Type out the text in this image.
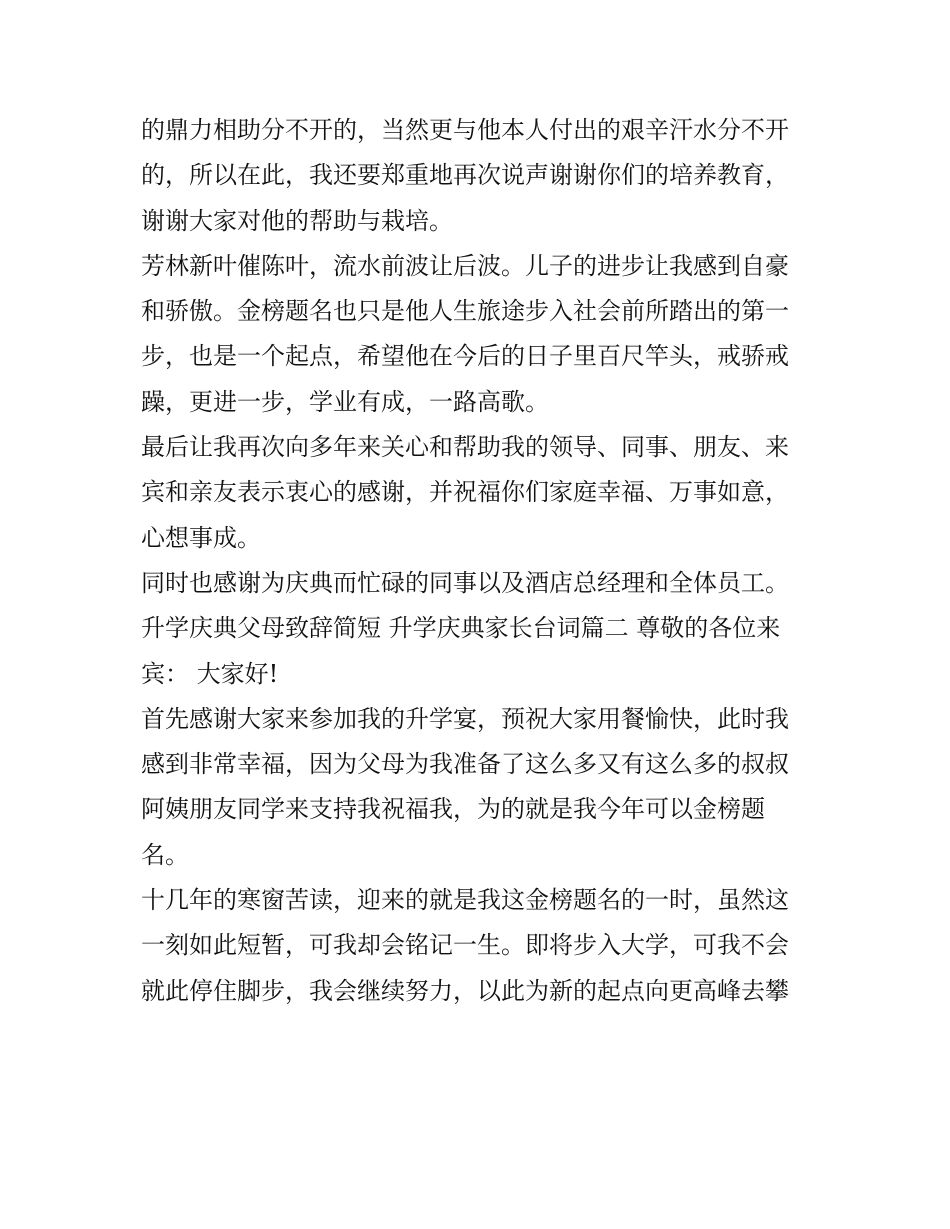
的鼎力相助分不开的，当然更与他本人付出的艰辛汗水分不开
的，所以在此，我还要郑重地再次说声谢谢你们的培养教育，
谢谢大家对他的帮助与栽培。
芳林新叶催陈叶，流水前波让后波。儿子的进步让我感到自豪
和骄傲。金榜题名也只是他人生旅途步入社会前所踏出的第一
步，也是一个起点，希望他在今后的日子里百尺竿头，戒骄戒
躁，更进一步，学业有成，一路高歌。
最后让我再次向多年来关心和帮助我的领导、同事、朋友、来
宾和亲友表示衷心的感谢，并祝福你们家庭幸福、万事如意，
心想事成。
同时也感谢为庆典而忙碌的同事以及酒店总经理和全体员工。
升学庆典父母致辞简短 升学庆典家长台词篇二 尊敬的各位来
宾： 大家好!
首先感谢大家来参加我的升学宴，预祝大家用餐愉快，此时我
感到非常幸福，因为父母为我准备了这么多又有这么多的叔叔
阿姨朋友同学来支持我祝福我，为的就是我今年可以金榜题
名。
十几年的寒窗苦读，迎来的就是我这金榜题名的一时，虽然这
一刻如此短暂，可我却会铭记一生。即将步入大学，可我不会
就此停住脚步，我会继续努力，以此为新的起点向更高峰去攀
